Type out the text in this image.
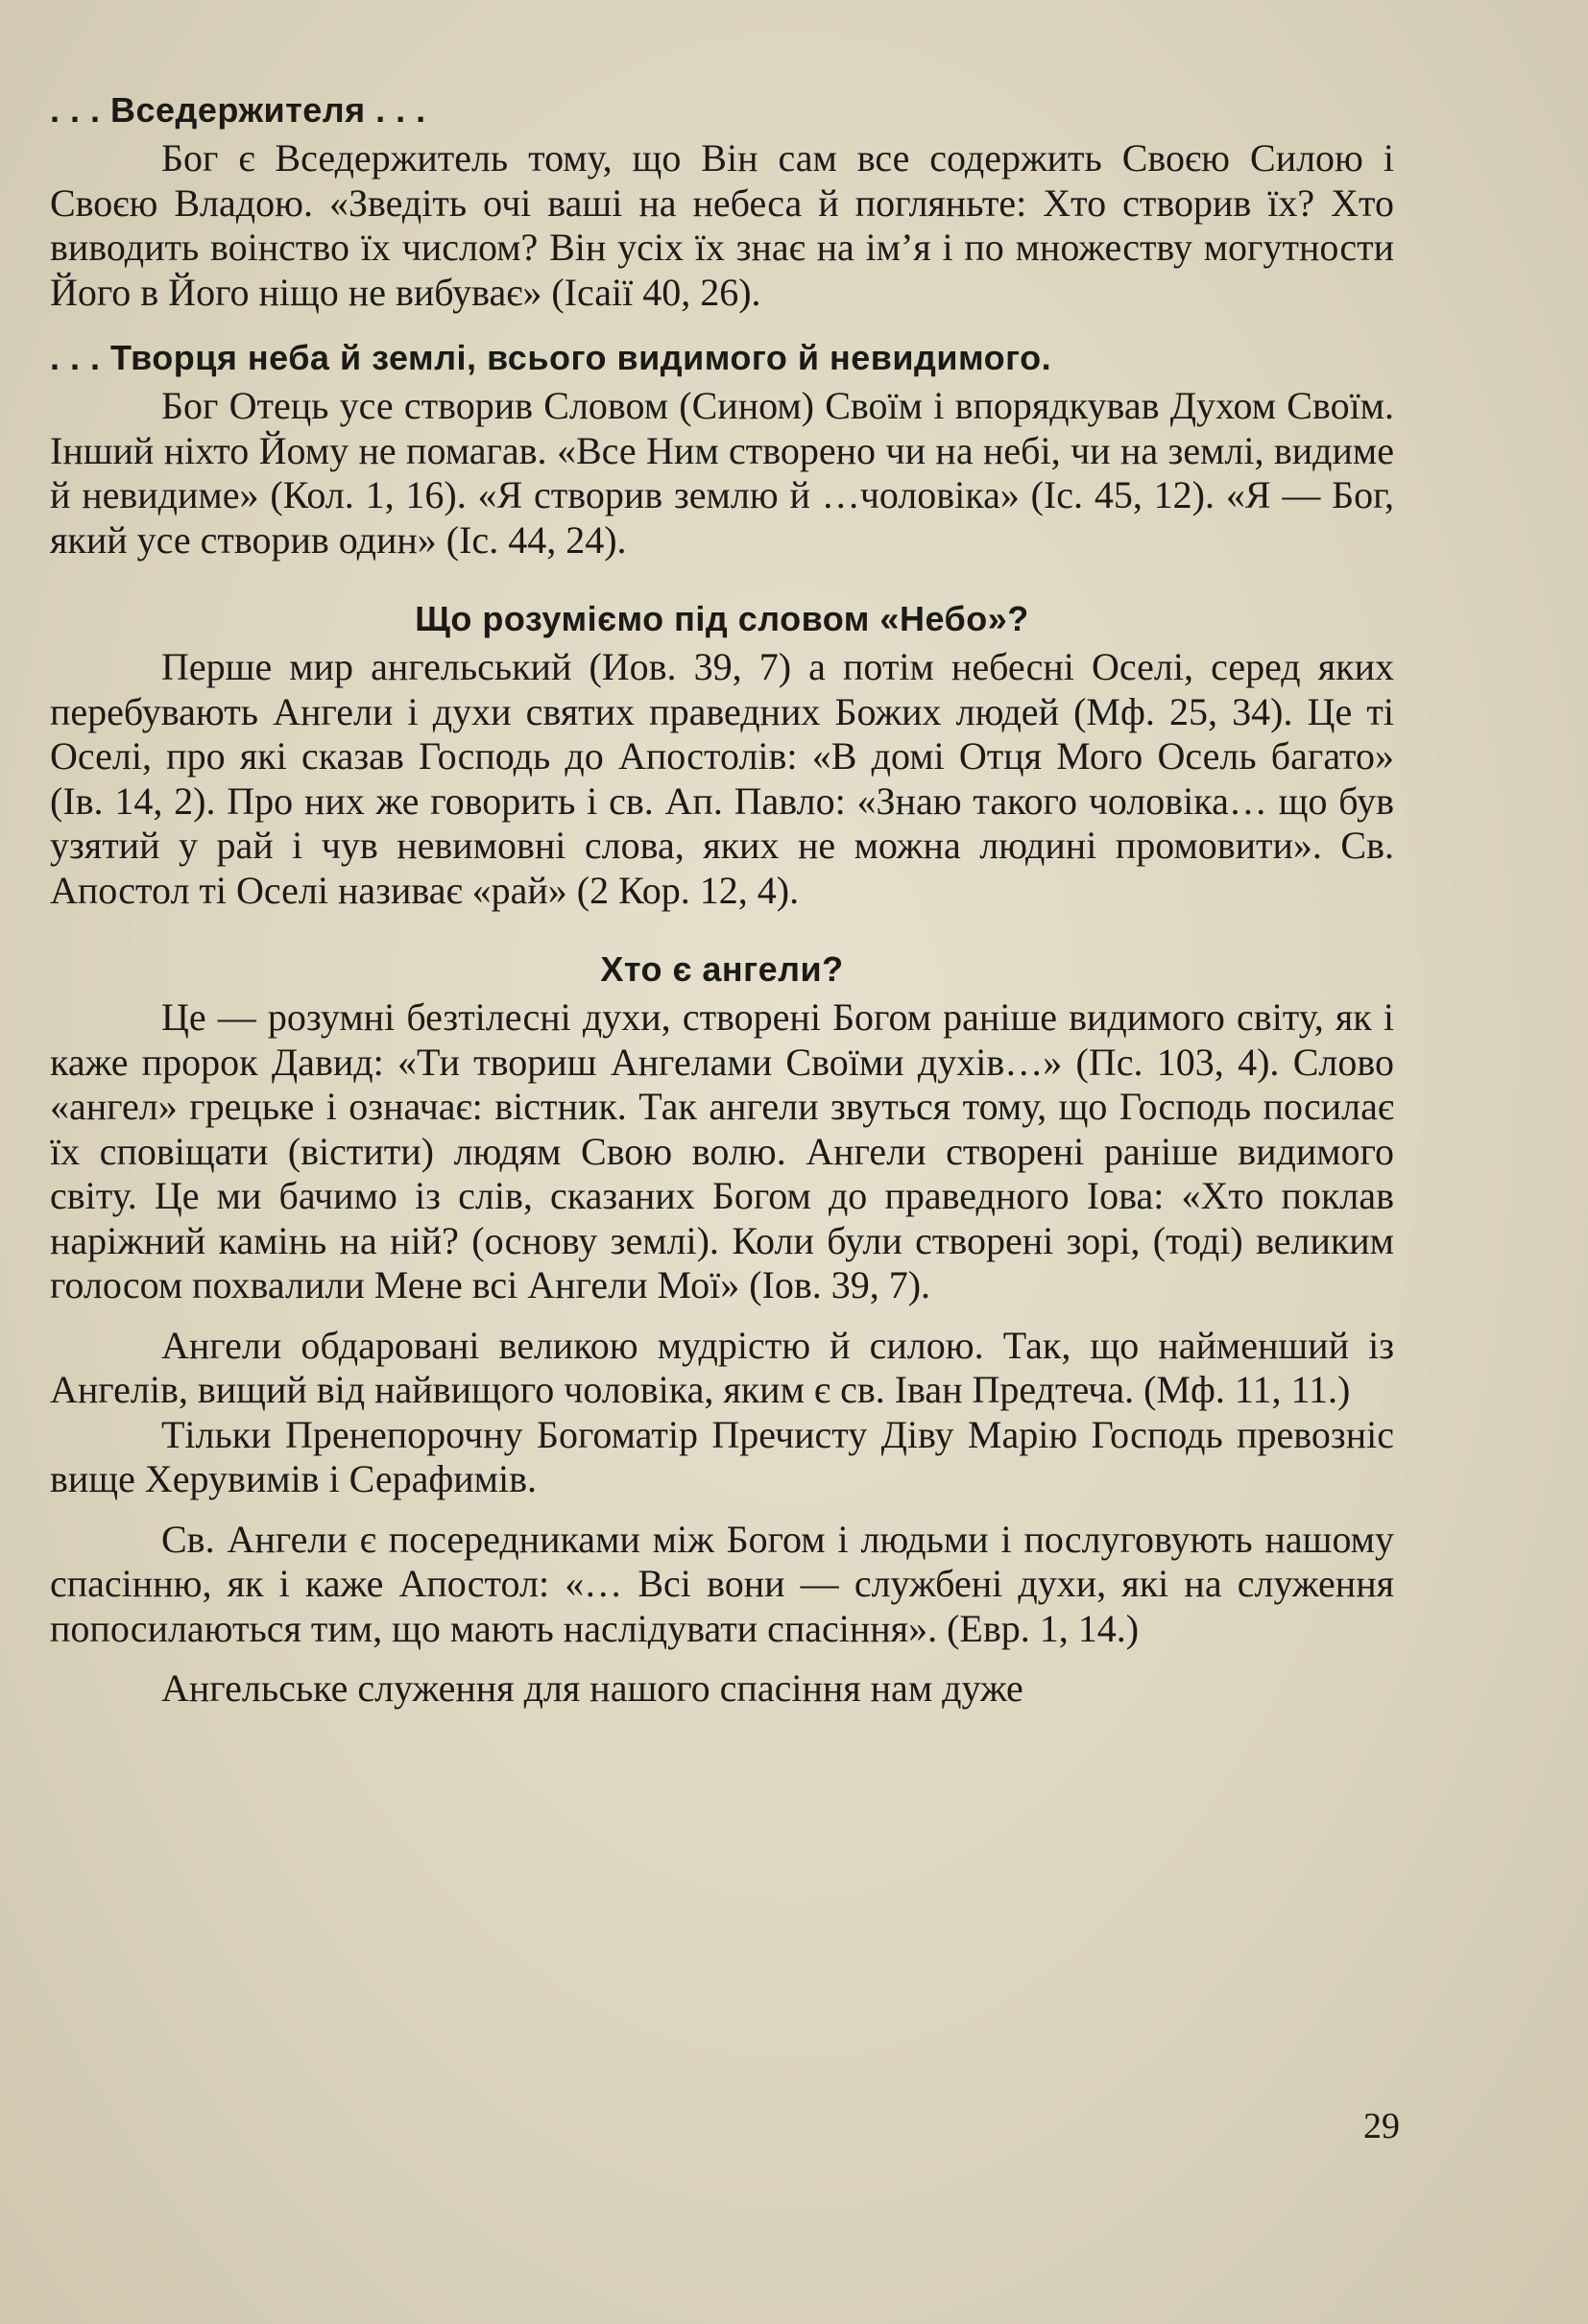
. . . Вседержителя . . .

Бог є Вседержитель тому, що Він сам все содержить Своєю Силою і Своєю Владою. «Зведіть очі ваші на небеса й погляньте: Хто створив їх? Хто виводить воінство їх числом? Він усіх їх знає на ім’я і по множеству могутности Його в Його ніщо не вибуває» (Ісаії 40, 26).

. . . Творця неба й землі, всього видимого й невидимого.

Бог Отець усе створив Словом (Сином) Своїм і впорядкував Духом Своїм. Інший ніхто Йому не помагав. «Все Ним створено чи на небі, чи на землі, видиме й невидиме» (Кол. 1, 16). «Я створив землю й …чоловіка» (Іс. 45, 12). «Я — Бог, який усе створив один» (Іс. 44, 24).

Що розуміємо під словом «Небо»?

Перше мир ангельський (Иов. 39, 7) а потім небесні Оселі, серед яких перебувають Ангели і духи святих праведних Божих людей (Мф. 25, 34). Це ті Оселі, про які сказав Господь до Апостолів: «В домі Отця Мого Осель багато» (Ів. 14, 2). Про них же говорить і св. Ап. Павло: «Знаю такого чоловіка… що був узятий у рай і чув невимовні слова, яких не можна людині промовити». Св. Апостол ті Оселі називає «рай» (2 Кор. 12, 4).

Хто є ангели?

Це — розумні безтілесні духи, створені Богом раніше видимого світу, як і каже пророк Давид: «Ти твориш Ангелами Своїми духів…» (Пс. 103, 4). Слово «ангел» грецьке і означає: вістник. Так ангели звуться тому, що Господь посилає їх сповіщати (вістити) людям Свою волю. Ангели створені раніше видимого світу. Це ми бачимо із слів, сказаних Богом до праведного Іова: «Хто поклав наріжний камінь на ній? (основу землі). Коли були створені зорі, (тоді) великим голосом похвалили Мене всі Ангели Мої» (Іов. 39, 7).

Ангели обдаровані великою мудрістю й силою. Так, що найменший із Ангелів, вищий від найвищого чоловіка, яким є св. Іван Предтеча. (Мф. 11, 11.)

Тільки Пренепорочну Богоматір Пречисту Діву Марію Господь превозніс вище Херувимів і Серафимів.

Св. Ангели є посередниками між Богом і людьми і послуговують нашому спасінню, як і каже Апостол: «… Всі вони — службені духи, які на служення попосилаються тим, що мають наслідувати спасіння». (Евр. 1, 14.)

Ангельське служення для нашого спасіння нам дуже

29
